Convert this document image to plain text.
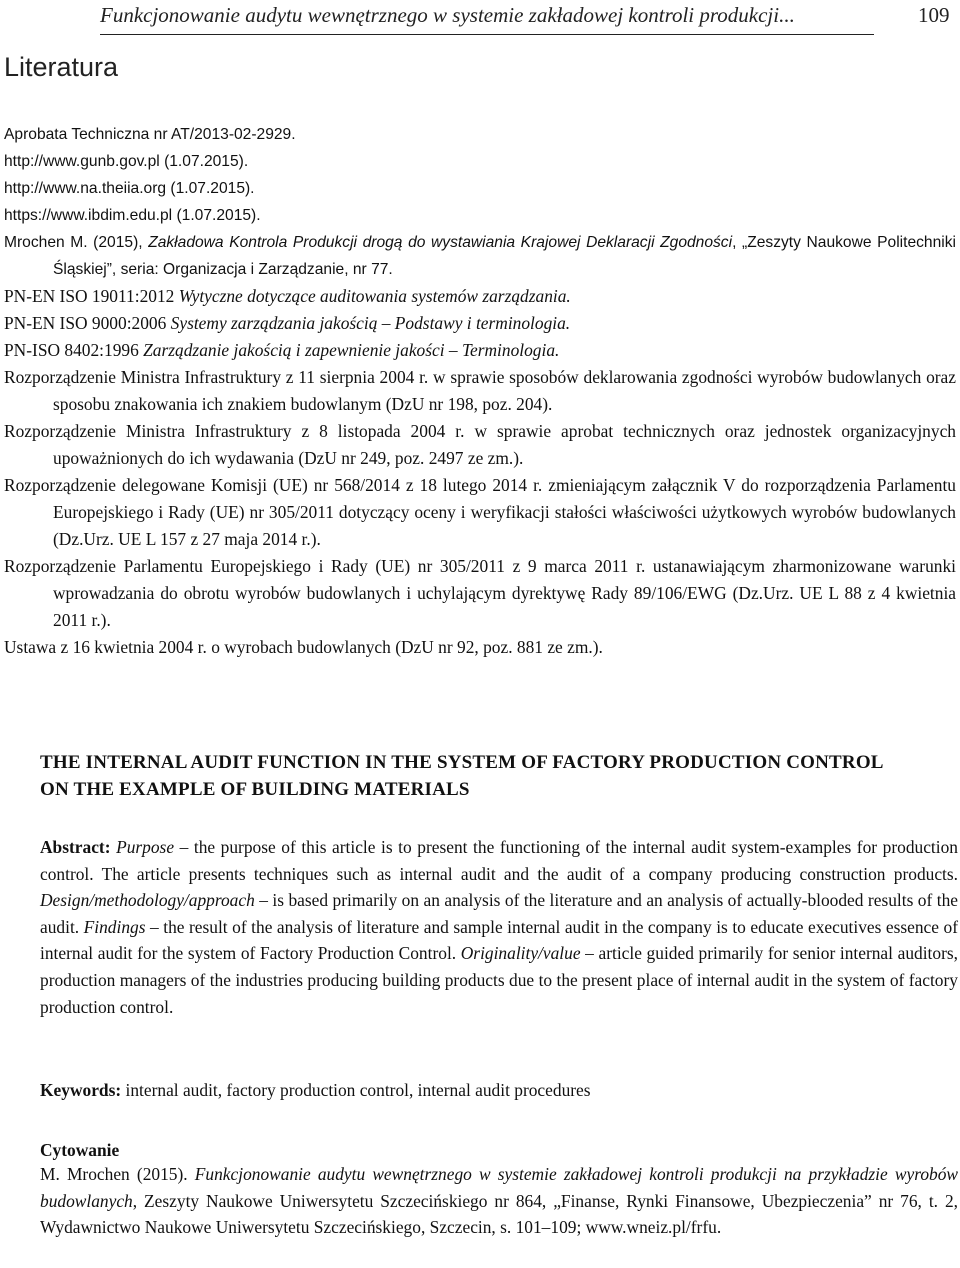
Funkcjonowanie audytu wewnętrznego w systemie zakładowej kontroli produkcji...	109
Literatura
Aprobata Techniczna nr AT/2013-02-2929.
http://www.gunb.gov.pl (1.07.2015).
http://www.na.theiia.org (1.07.2015).
https://www.ibdim.edu.pl (1.07.2015).
Mrochen M. (2015), Zakładowa Kontrola Produkcji drogą do wystawiania Krajowej Deklaracji Zgodności, „Zeszyty Naukowe Politechniki Śląskiej”, seria: Organizacja i Zarządzanie, nr 77.
PN-EN ISO 19011:2012 Wytyczne dotyczące auditowania systemów zarządzania.
PN-EN ISO 9000:2006 Systemy zarządzania jakością – Podstawy i terminologia.
PN-ISO 8402:1996 Zarządzanie jakością i zapewnienie jakości – Terminologia.
Rozporządzenie Ministra Infrastruktury z 11 sierpnia 2004 r. w sprawie sposobów deklarowania zgodności wyrobów budowlanych oraz sposobu znakowania ich znakiem budowlanym (DzU nr 198, poz. 204).
Rozporządzenie Ministra Infrastruktury z 8 listopada 2004 r. w sprawie aprobat technicznych oraz jednostek organizacyjnych upoważnionych do ich wydawania (DzU nr 249, poz. 2497 ze zm.).
Rozporządzenie delegowane Komisji (UE) nr 568/2014 z 18 lutego 2014 r. zmieniającym załącznik V do rozporządzenia Parlamentu Europejskiego i Rady (UE) nr 305/2011 dotyczący oceny i weryfikacji stałości właściwości użytkowych wyrobów budowlanych (Dz.Urz. UE L 157 z 27 maja 2014 r.).
Rozporządzenie Parlamentu Europejskiego i Rady (UE) nr 305/2011 z 9 marca 2011 r. ustanawiającym zharmonizowane warunki wprowadzania do obrotu wyrobów budowlanych i uchylającym dyrektywę Rady 89/106/EWG (Dz.Urz. UE L 88 z 4 kwietnia 2011 r.).
Ustawa z 16 kwietnia 2004 r. o wyrobach budowlanych (DzU nr 92, poz. 881 ze zm.).
THE INTERNAL AUDIT FUNCTION IN THE SYSTEM OF FACTORY PRODUCTION CONTROL
ON THE EXAMPLE OF BUILDING MATERIALS

Abstract: Purpose – the purpose of this article is to present the functioning of the internal audit system-examples for production control. The article presents techniques such as internal audit and the audit of a company producing construction products. Design/methodology/approach – is based primarily on an analysis of the literature and an analysis of actually-blooded results of the audit. Findings – the result of the analysis of literature and sample internal audit in the company is to educate executives essence of internal audit for the system of Factory Production Control. Originality/value – article guided primarily for senior internal auditors, production managers of the industries producing building products due to the present place of internal audit in the system of factory production control.

Keywords: internal audit, factory production control, internal audit procedures

Cytowanie

M. Mrochen (2015). Funkcjonowanie audytu wewnętrznego w systemie zakładowej kontroli produkcji na przykładzie wyrobów budowlanych, Zeszyty Naukowe Uniwersytetu Szczecińskiego nr 864, „Finanse, Rynki Finansowe, Ubezpieczenia” nr 76, t. 2, Wydawnictwo Naukowe Uniwersytetu Szczecińskiego, Szczecin, s. 101–109; www.wneiz.pl/frfu.
